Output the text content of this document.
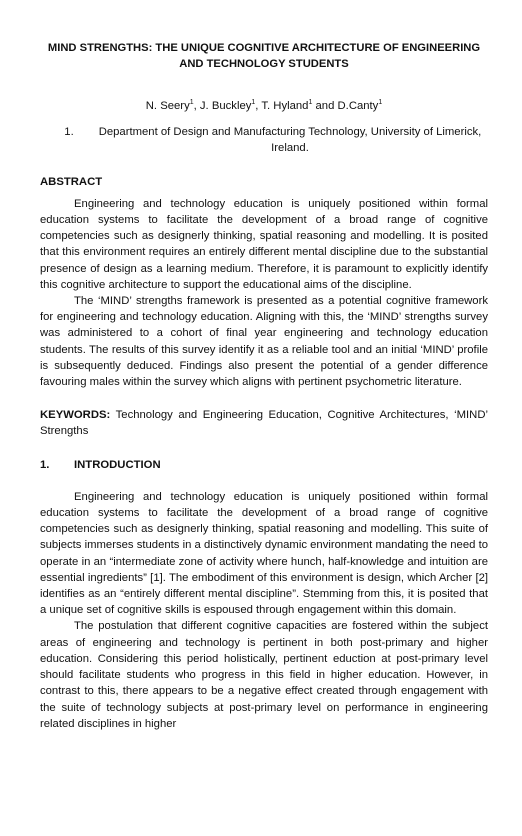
MIND STRENGTHS: THE UNIQUE COGNITIVE ARCHITECTURE OF ENGINEERING AND TECHNOLOGY STUDENTS
N. Seery$^1$, J. Buckley$^1$, T. Hyland$^1$ and D.Canty$^1$
1.	Department of Design and Manufacturing Technology, University of Limerick, Ireland.
ABSTRACT

Engineering and technology education is uniquely positioned within formal education systems to facilitate the development of a broad range of cognitive competencies such as designerly thinking, spatial reasoning and modelling. It is posited that this environment requires an entirely different mental discipline due to the substantial presence of design as a learning medium. Therefore, it is paramount to explicitly identify this cognitive architecture to support the educational aims of the discipline.

The ‘MIND’ strengths framework is presented as a potential cognitive framework for engineering and technology education. Aligning with this, the ‘MIND’ strengths survey was administered to a cohort of final year engineering and technology education students. The results of this survey identify it as a reliable tool and an initial ‘MIND’ profile is subsequently deduced. Findings also present the potential of a gender difference favouring males within the survey which aligns with pertinent psychometric literature.

KEYWORDS: Technology and Engineering Education, Cognitive Architectures, ‘MIND’ Strengths
1.	INTRODUCTION

Engineering and technology education is uniquely positioned within formal education systems to facilitate the development of a broad range of cognitive competencies such as designerly thinking, spatial reasoning and modelling. This suite of subjects immerses students in a distinctively dynamic environment mandating the need to operate in an “intermediate zone of activity where hunch, half-knowledge and intuition are essential ingredients” [1]. The embodiment of this environment is design, which Archer [2] identifies as an “entirely different mental discipline”. Stemming from this, it is posited that a unique set of cognitive skills is espoused through engagement within this domain.

The postulation that different cognitive capacities are fostered within the subject areas of engineering and technology is pertinent in both post-primary and higher education. Considering this period holistically, pertinent eduction at post-primary level should facilitate students who progress in this field in higher education. However, in contrast to this, there appears to be a negative effect created through engagement with the suite of technology subjects at post-primary level on performance in engineering related disciplines in higher
